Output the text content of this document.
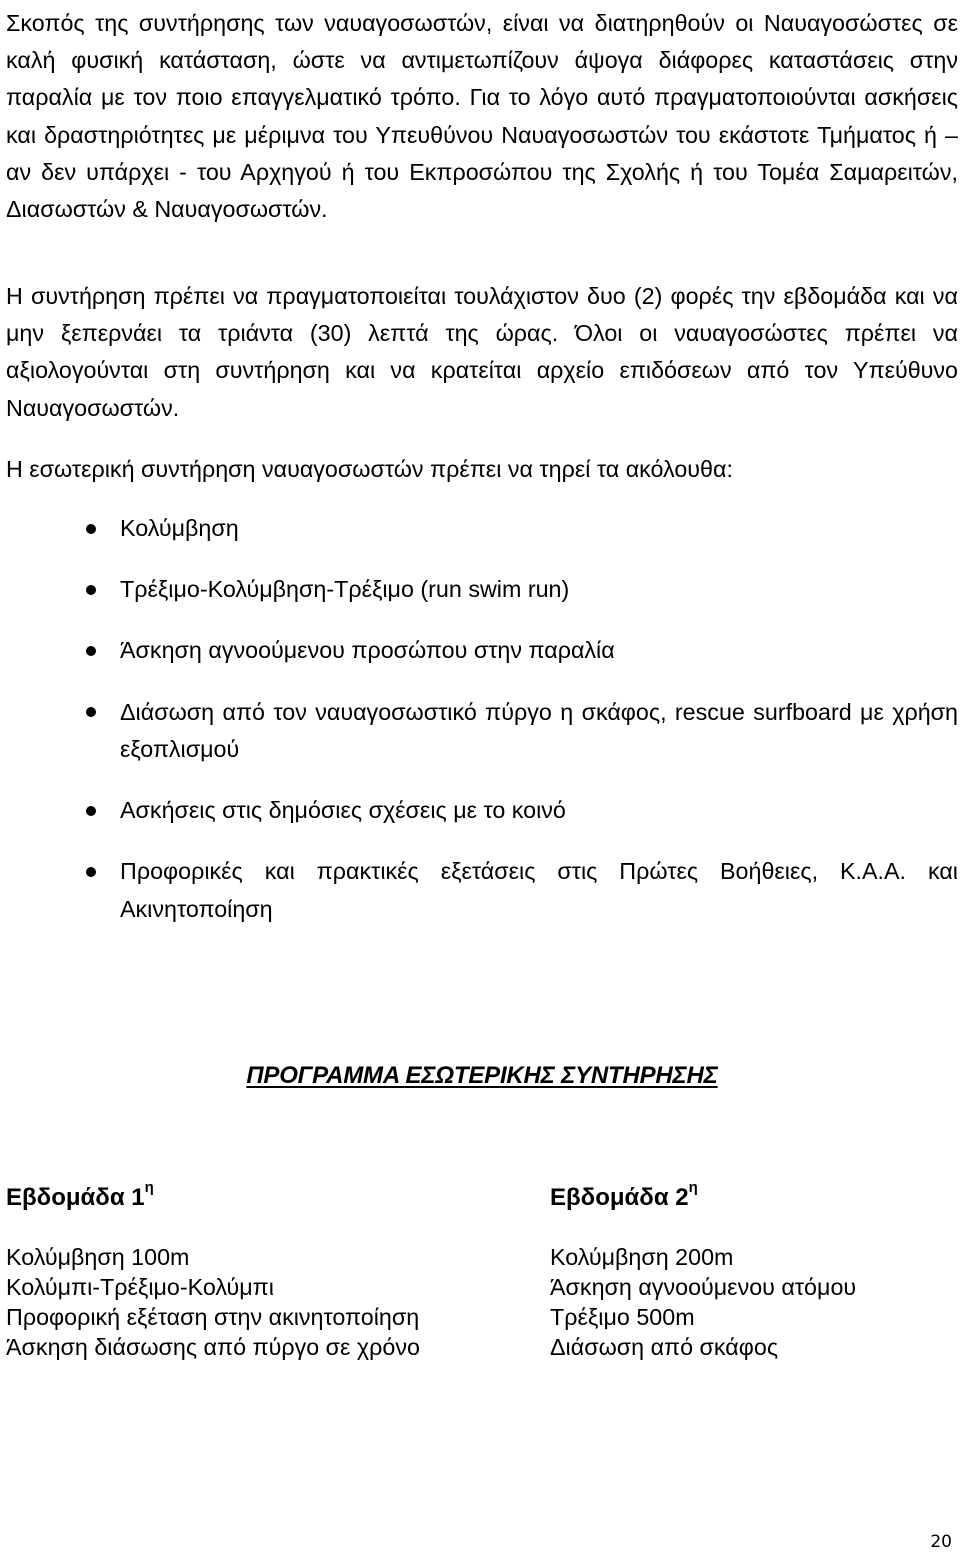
Σκοπός της συντήρησης των ναυαγοσωστών, είναι να διατηρηθούν οι Ναυαγοσώστες σε καλή φυσική κατάσταση, ώστε να αντιμετωπίζουν άψογα διάφορες καταστάσεις στην παραλία με τον ποιο επαγγελματικό τρόπο. Για το λόγο αυτό πραγματοποιούνται ασκήσεις και δραστηριότητες με μέριμνα του Υπευθύνου Ναυαγοσωστών του εκάστοτε Τμήματος ή – αν δεν υπάρχει - του Αρχηγού ή του Εκπροσώπου της Σχολής ή του Τομέα Σαμαρειτών, Διασωστών & Ναυαγοσωστών.

Η συντήρηση πρέπει να πραγματοποιείται τουλάχιστον δυο (2) φορές την εβδομάδα και να μην ξεπερνάει τα τριάντα (30) λεπτά της ώρας. Όλοι οι ναυαγοσώστες πρέπει να αξιολογούνται στη συντήρηση και να κρατείται αρχείο επιδόσεων από τον Υπεύθυνο Ναυαγοσωστών.

Η εσωτερική συντήρηση ναυαγοσωστών πρέπει να τηρεί τα ακόλουθα:

Κολύμβηση
Τρέξιμο-Κολύμβηση-Τρέξιμο (run swim run)
Άσκηση αγνοούμενου προσώπου στην παραλία
Διάσωση από τον ναυαγοσωστικό πύργο η σκάφος, rescue surfboard με χρήση εξοπλισμού
Ασκήσεις στις δημόσιες σχέσεις με το κοινό
Προφορικές και πρακτικές εξετάσεις στις Πρώτες Βοήθειες, Κ.Α.Α. και Ακινητοποίηση
ΠΡΟΓΡΑΜΜΑ ΕΣΩΤΕΡΙΚΗΣ ΣΥΝΤΗΡΗΣΗΣ
Εβδομάδα $1^\eta$
Κολύμβηση 100m
Κολύμπι-Τρέξιμο-Κολύμπι
Προφορική εξέταση στην ακινητοποίηση
Άσκηση διάσωσης από πύργο σε χρόνο
Εβδομάδα $2^\eta$
Κολύμβηση 200m
Άσκηση αγνοούμενου ατόμου
Τρέξιμο 500m
Διάσωση από σκάφος
20
